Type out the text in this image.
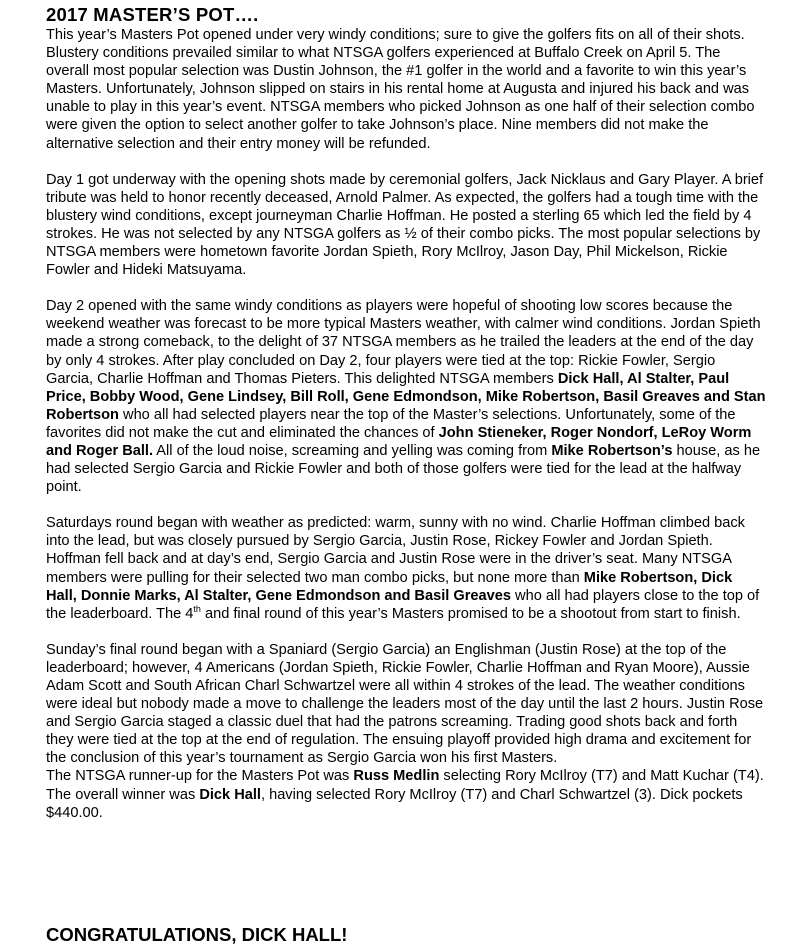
2017 MASTER’S POT….

This year’s Masters Pot opened under very windy conditions; sure to give the golfers fits on all of their shots. Blustery conditions prevailed similar to what NTSGA golfers experienced at Buffalo Creek on April 5. The overall most popular selection was Dustin Johnson, the #1 golfer in the world and a favorite to win this year’s Masters. Unfortunately, Johnson slipped on stairs in his rental home at Augusta and injured his back and was unable to play in this year’s event. NTSGA members who picked Johnson as one half of their selection combo were given the option to select another golfer to take Johnson’s place. Nine members did not make the alternative selection and their entry money will be refunded.

Day 1 got underway with the opening shots made by ceremonial golfers, Jack Nicklaus and Gary Player. A brief tribute was held to honor recently deceased, Arnold Palmer. As expected, the golfers had a tough time with the blustery wind conditions, except journeyman Charlie Hoffman. He posted a sterling 65 which led the field by 4 strokes. He was not selected by any NTSGA golfers as ½ of their combo picks. The most popular selections by NTSGA members were hometown favorite Jordan Spieth, Rory McIlroy, Jason Day, Phil Mickelson, Rickie Fowler and Hideki Matsuyama.

Day 2 opened with the same windy conditions as players were hopeful of shooting low scores because the weekend weather was forecast to be more typical Masters weather, with calmer wind conditions. Jordan Spieth made a strong comeback, to the delight of 37 NTSGA members as he trailed the leaders at the end of the day by only 4 strokes. After play concluded on Day 2, four players were tied at the top: Rickie Fowler, Sergio Garcia, Charlie Hoffman and Thomas Pieters. This delighted NTSGA members Dick Hall, Al Stalter, Paul Price, Bobby Wood, Gene Lindsey, Bill Roll, Gene Edmondson, Mike Robertson, Basil Greaves and Stan Robertson who all had selected players near the top of the Master’s selections. Unfortunately, some of the favorites did not make the cut and eliminated the chances of John Stieneker, Roger Nondorf, LeRoy Worm and Roger Ball. All of the loud noise, screaming and yelling was coming from Mike Robertson’s house, as he had selected Sergio Garcia and Rickie Fowler and both of those golfers were tied for the lead at the halfway point.

Saturdays round began with weather as predicted: warm, sunny with no wind. Charlie Hoffman climbed back into the lead, but was closely pursued by Sergio Garcia, Justin Rose, Rickey Fowler and Jordan Spieth. Hoffman fell back and at day’s end, Sergio Garcia and Justin Rose were in the driver’s seat. Many NTSGA members were pulling for their selected two man combo picks, but none more than Mike Robertson, Dick Hall, Donnie Marks, Al Stalter, Gene Edmondson and Basil Greaves who all had players close to the top of the leaderboard. The 4th and final round of this year’s Masters promised to be a shootout from start to finish.

Sunday’s final round began with a Spaniard (Sergio Garcia) an Englishman (Justin Rose) at the top of the leaderboard; however, 4 Americans (Jordan Spieth, Rickie Fowler, Charlie Hoffman and Ryan Moore), Aussie Adam Scott and South African Charl Schwartzel were all within 4 strokes of the lead. The weather conditions were ideal but nobody made a move to challenge the leaders most of the day until the last 2 hours. Justin Rose and Sergio Garcia staged a classic duel that had the patrons screaming. Trading good shots back and forth they were tied at the top at the end of regulation. The ensuing playoff provided high drama and excitement for the conclusion of this year’s tournament as Sergio Garcia won his first Masters.

The NTSGA runner-up for the Masters Pot was Russ Medlin selecting Rory McIlroy (T7) and Matt Kuchar (T4). The overall winner was Dick Hall, having selected Rory McIlroy (T7) and Charl Schwartzel (3). Dick pockets $440.00.

CONGRATULATIONS, DICK HALL!
